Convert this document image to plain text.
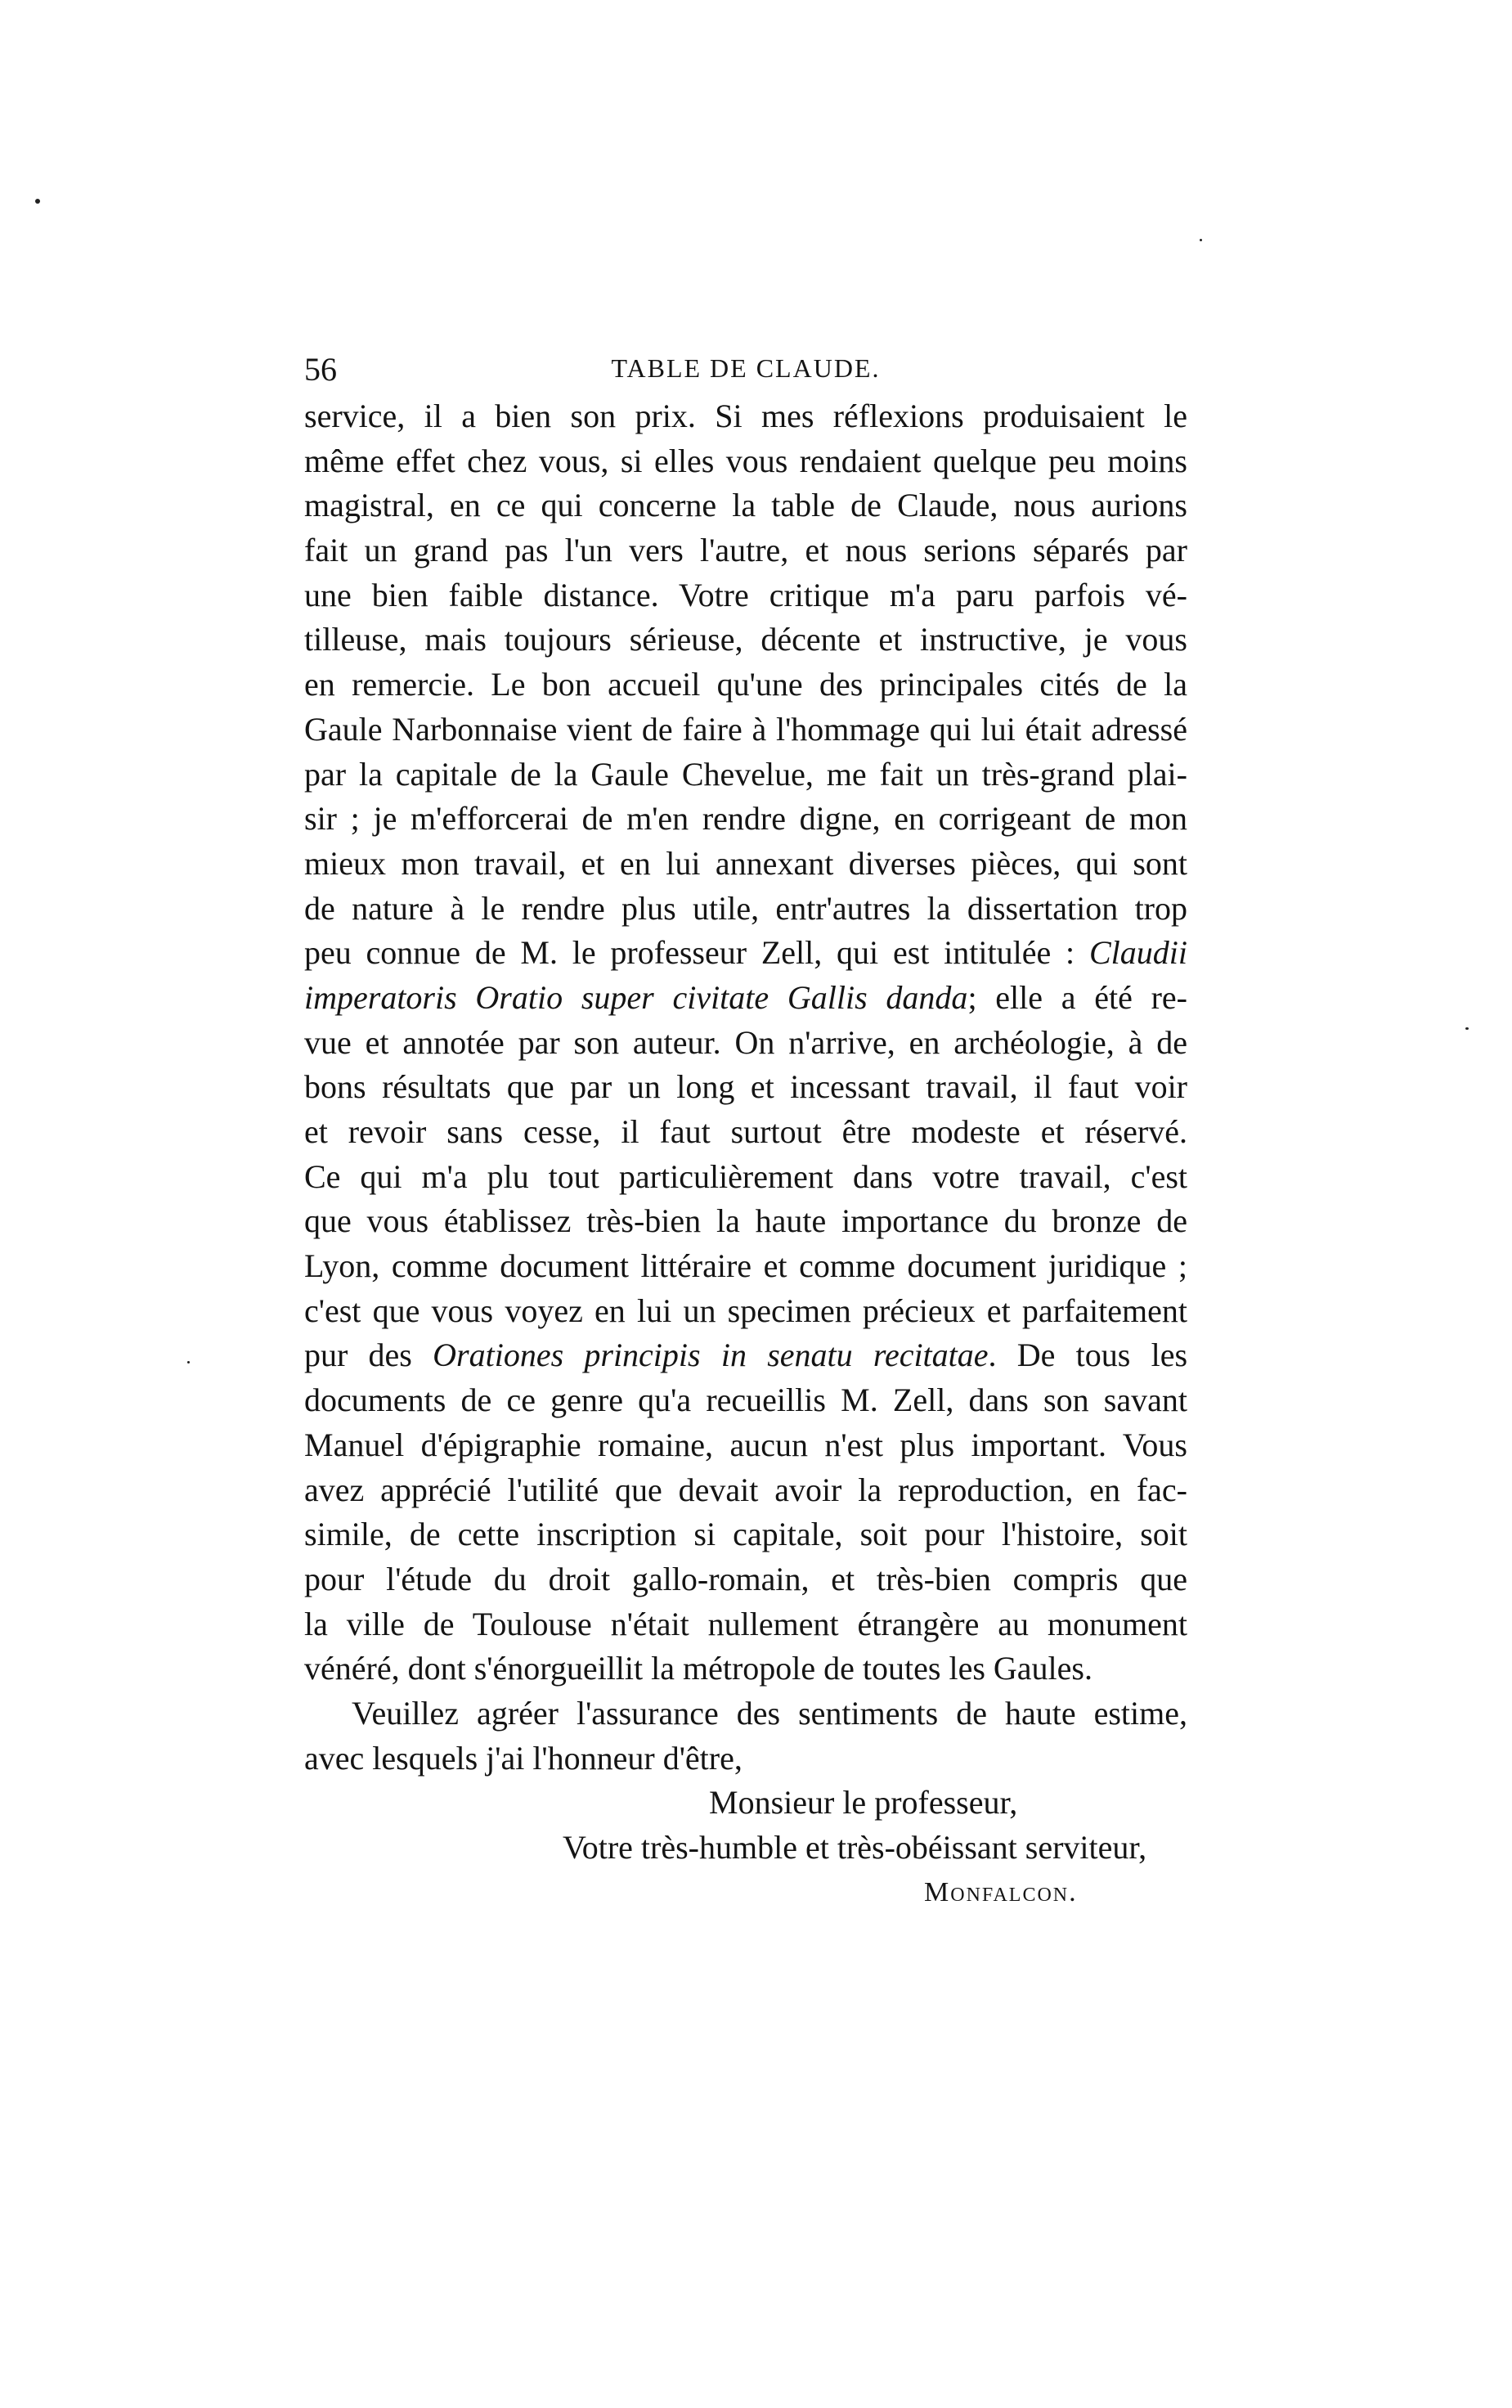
56	TABLE DE CLAUDE.
service, il a bien son prix. Si mes réflexions produisaient le
même effet chez vous, si elles vous rendaient quelque peu moins
magistral, en ce qui concerne la table de Claude, nous aurions
fait un grand pas l'un vers l'autre, et nous serions séparés par
une bien faible distance. Votre critique m'a paru parfois vé-
tilleuse, mais toujours sérieuse, décente et instructive, je vous
en remercie. Le bon accueil qu'une des principales cités de la
Gaule Narbonnaise vient de faire à l'hommage qui lui était adressé
par la capitale de la Gaule Chevelue, me fait un très-grand plai-
sir ; je m'efforcerai de m'en rendre digne, en corrigeant de mon
mieux mon travail, et en lui annexant diverses pièces, qui sont
de nature à le rendre plus utile, entr'autres la dissertation trop
peu connue de M. le professeur Zell, qui est intitulée : Claudii
imperatoris Oratio super civitate Gallis danda; elle a été re-
vue et annotée par son auteur. On n'arrive, en archéologie, à de
bons résultats que par un long et incessant travail, il faut voir
et revoir sans cesse, il faut surtout être modeste et réservé.
Ce qui m'a plu tout particulièrement dans votre travail, c'est
que vous établissez très-bien la haute importance du bronze de
Lyon, comme document littéraire et comme document juridique ;
c'est que vous voyez en lui un specimen précieux et parfaitement
pur des Orationes principis in senatu recitatae. De tous les
documents de ce genre qu'a recueillis M. Zell, dans son savant
Manuel d'épigraphie romaine, aucun n'est plus important. Vous
avez apprécié l'utilité que devait avoir la reproduction, en fac-
simile, de cette inscription si capitale, soit pour l'histoire, soit
pour l'étude du droit gallo-romain, et très-bien compris que
la ville de Toulouse n'était nullement étrangère au monument
vénéré, dont s'énorgueillit la métropole de toutes les Gaules.
Veuillez agréer l'assurance des sentiments de haute estime,
avec lesquels j'ai l'honneur d'être,
Monsieur le professeur,
Votre très-humble et très-obéissant serviteur,
Monfalcon.
